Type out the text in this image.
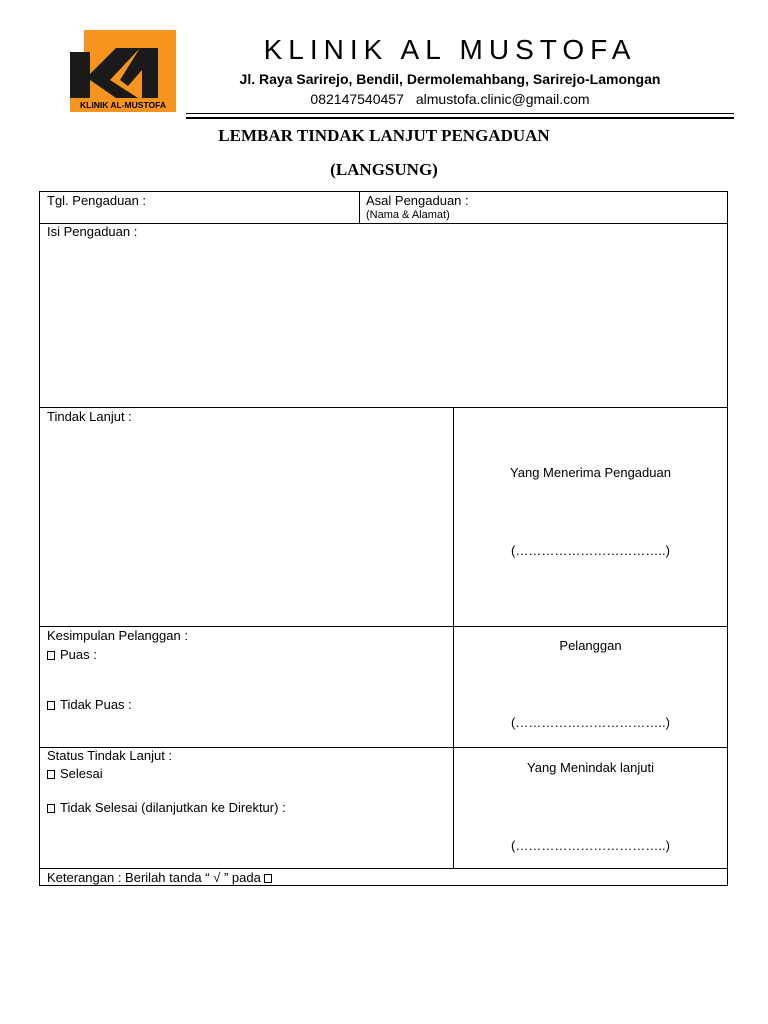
KLINIK AL-MUSTOFA
KLINIK AL MUSTOFA
Jl. Raya Sarirejo, Bendil, Dermolemahbang, Sarirejo-Lamongan
082147540457 almustofa.clinic@gmail.com
LEMBAR TINDAK LANJUT PENGADUAN
(LANGSUNG)
Tgl. Pengaduan :	Asal Pengaduan :
(Nama & Alamat)
Isi Pengaduan :
Tindak Lanjut :
Yang Menerima Pengaduan
(……………………………..)
Kesimpulan Pelanggan :
Puas :
Tidak Puas :
Pelanggan
(……………………………..)
Status Tindak Lanjut :
Selesai
Tidak Selesai (dilanjutkan ke Direktur) :
Yang Menindak lanjuti
(……………………………..)
Keterangan : Berilah tanda “ √ ” pada
